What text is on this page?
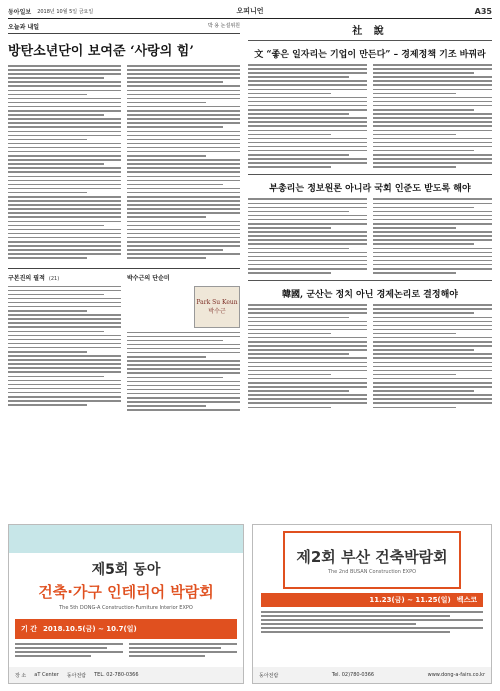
동아일보 2018년 10월 5일 금요일	오피니언	A35
오늘과 내일	박 용 논설위원
방탄소년단이 보여준 ‘사랑의 힘’
구본진의 필적 (21)	박수근의 단순미
Park Su Keun 박수근
社 說
文 “좋은 일자리는 기업이 만든다” – 경제정책 기조 바꿔라
부총리는 정보원론 아니라 국회 인준도 받도록 해야
韓國, 군산는 정치 아닌 경제논리로 결정해야
제5회 동아
건축·가구 인테리어 박람회
The 5th DONG-A Construction·Furniture Interior EXPO
기 간 2018.10.5(금) ~ 10.7(일)
장 소 aT Center 동아전람 TEL. 02-780-0366
제2회 부산 건축박람회
The 2nd BUSAN Construction EXPO
11.23(금) ~ 11.25(일) 벡스코
동아전람	Tel. 02)780-0366	www.dong-a-fairs.co.kr
